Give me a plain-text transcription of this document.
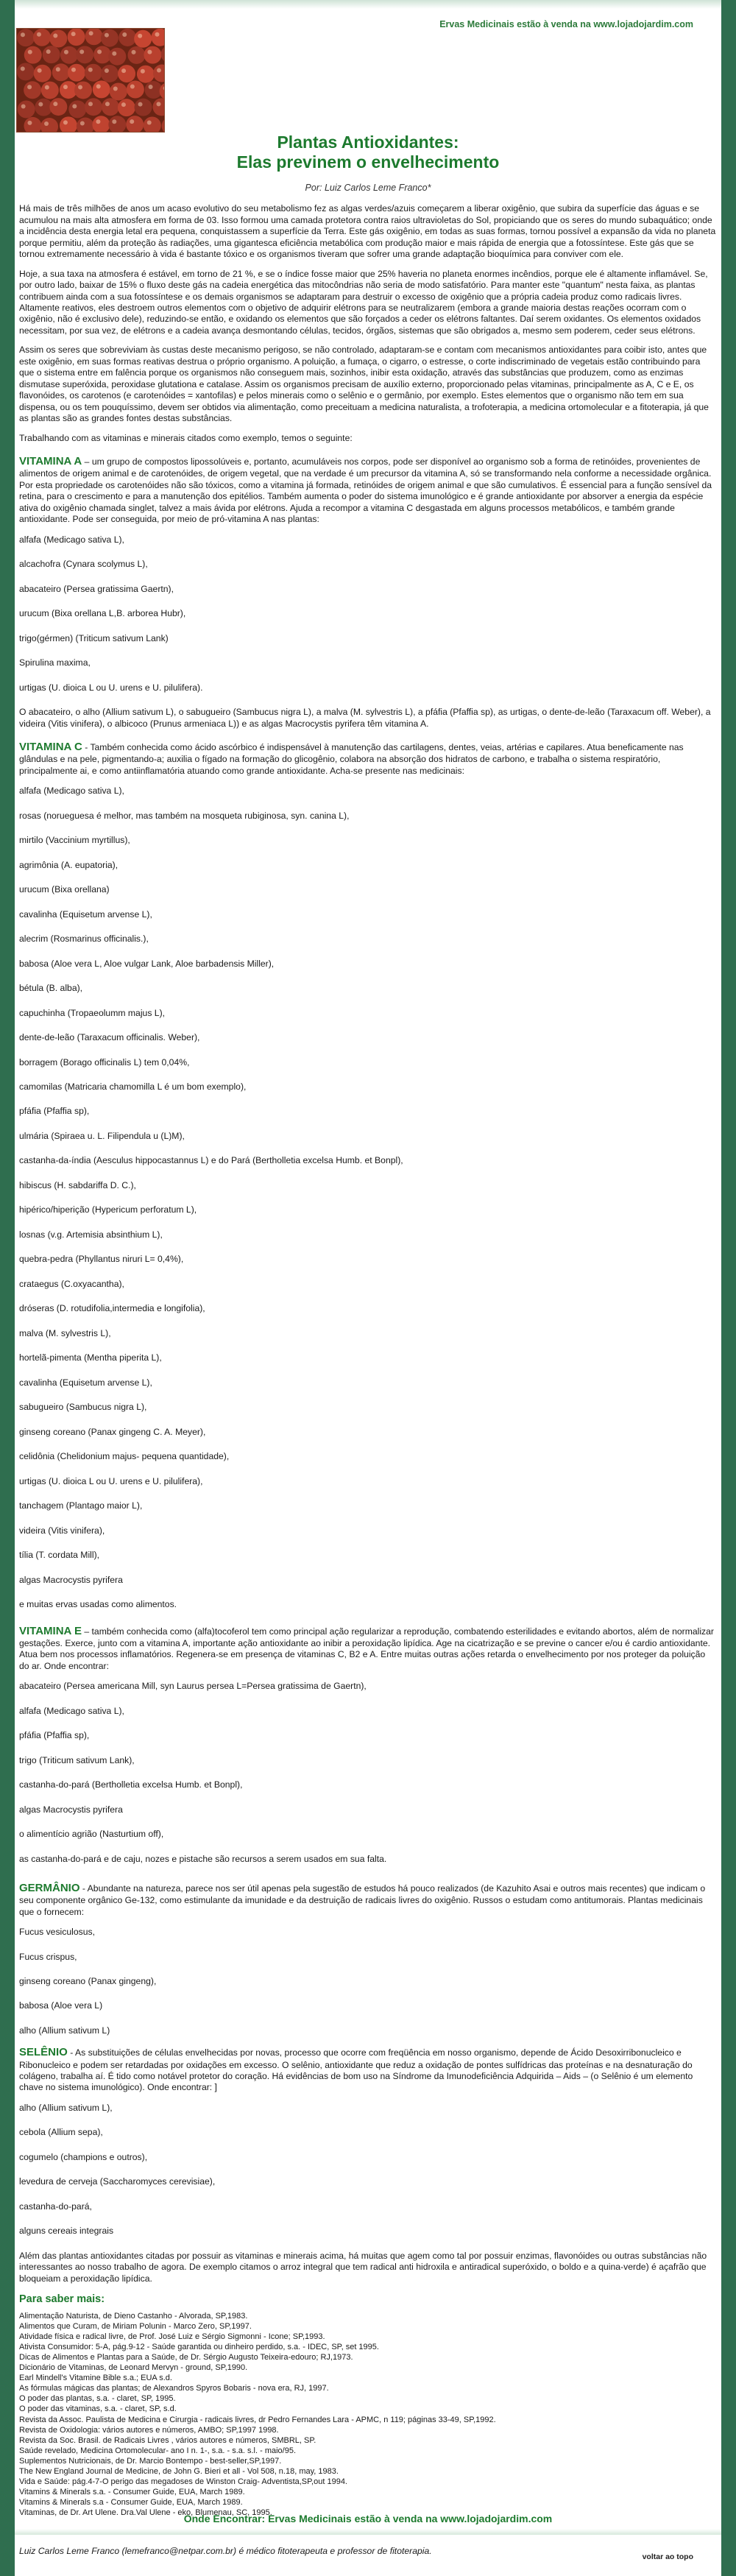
Ervas Medicinais estão à venda na www.lojadojardim.com
Plantas Antioxidantes:
Elas previnem o envelhecimento
Por: Luiz Carlos Leme Franco*

Há mais de três milhões de anos um acaso evolutivo do seu metabolismo fez as algas verdes/azuis começarem a liberar oxigênio, que subira da superfície das águas e se acumulou na mais alta atmosfera em forma de 03. Isso formou uma camada protetora contra raios ultravioletas do Sol, propiciando que os seres do mundo subaquático; onde a incidência desta energia letal era pequena, conquistassem a superfície da Terra. Este gás oxigênio, em todas as suas formas, tornou possível a expansão da vida no planeta porque permitiu, além da proteção às radiações, uma gigantesca eficiência metabólica com produção maior e mais rápida de energia que a fotossíntese. Este gás que se tornou extremamente necessário à vida é bastante tóxico e os organismos tiveram que sofrer uma grande adaptação bioquímica para conviver com ele.

Hoje, a sua taxa na atmosfera é estável, em torno de 21 %, e se o índice fosse maior que 25% haveria no planeta enormes incêndios, porque ele é altamente inflamável. Se, por outro lado, baixar de 15% o fluxo deste gás na cadeia energética das mitocôndrias não seria de modo satisfatório. Para manter este "quantum" nesta faixa, as plantas contribuem ainda com a sua fotossíntese e os demais organismos se adaptaram para destruir o excesso de oxigênio que a própria cadeia produz como radicais livres. Altamente reativos, eles destroem outros elementos com o objetivo de adquirir elétrons para se neutralizarem (embora a grande maioria destas reações ocorram com o oxigênio, não é exclusivo dele), reduzindo-se então, e oxidando os elementos que são forçados a ceder os elétrons faltantes. Daí serem oxidantes. Os elementos oxidados necessitam, por sua vez, de elétrons e a cadeia avança desmontando células, tecidos, órgãos, sistemas que são obrigados a, mesmo sem poderem, ceder seus elétrons.

Assim os seres que sobreviviam às custas deste mecanismo perigoso, se não controlado, adaptaram-se e contam com mecanismos antioxidantes para coibir isto, antes que este oxigênio, em suas formas reativas destrua o próprio organismo. A poluição, a fumaça, o cigarro, o estresse, o corte indiscriminado de vegetais estão contribuindo para que o sistema entre em falência porque os organismos não conseguem mais, sozinhos, inibir esta oxidação, através das substâncias que produzem, como as enzimas dismutase superóxida, peroxidase glutationa e catalase. Assim os organismos precisam de auxílio externo, proporcionado pelas vitaminas, principalmente as A, C e E, os flavonóides, os carotenos (e carotenóides = xantofilas) e pelos minerais como o selênio e o germânio, por exemplo. Estes elementos que o organismo não tem em sua dispensa, ou os tem pouquíssimo, devem ser obtidos via alimentação, como preceituam a medicina naturalista, a trofoterapia, a medicina ortomolecular e a fitoterapia, já que as plantas são as grandes fontes destas substâncias.

Trabalhando com as vitaminas e minerais citados como exemplo, temos o seguinte:

VITAMINA A – um grupo de compostos lipossolúveis e, portanto, acumuláveis nos corpos, pode ser disponível ao organismo sob a forma de retinóides, provenientes de alimentos de origem animal e de carotenóides, de origem vegetal, que na verdade é um precursor da vitamina A, só se transformando nela conforme a necessidade orgânica. Por esta propriedade os carotenóides não são tóxicos, como a vitamina já formada, retinóides de origem animal e que são cumulativos. É essencial para a função sensível da retina, para o crescimento e para a manutenção dos epitélios. Também aumenta o poder do sistema imunológico e é grande antioxidante por absorver a energia da espécie ativa do oxigênio chamada singlet, talvez a mais ávida por elétrons. Ajuda a recompor a vitamina C desgastada em alguns processos metabólicos, e também grande antioxidante. Pode ser conseguida, por meio de pró-vitamina A nas plantas:

alfafa (Medicago sativa L),
alcachofra (Cynara scolymus L),
abacateiro (Persea gratissima Gaertn),
urucum (Bixa orellana L,B. arborea Hubr),
trigo(gérmen) (Triticum sativum Lank)
Spirulina maxima,
urtigas (U. dioica L ou U. urens e U. pilulifera).

O abacateiro, o alho (Allium sativum L), o sabugueiro (Sambucus nigra L), a malva (M. sylvestris L), a pfáfia (Pfaffia sp), as urtigas, o dente-de-leão (Taraxacum off. Weber), a videira (Vitis vinifera), o albicoco (Prunus armeniaca L)) e as algas Macrocystis pyrifera têm vitamina A.

VITAMINA C - Também conhecida como ácido ascórbico é indispensável à manutenção das cartilagens, dentes, veias, artérias e capilares. Atua beneficamente nas glândulas e na pele, pigmentando-a; auxilia o fígado na formação do glicogênio, colabora na absorção dos hidratos de carbono, e trabalha o sistema respiratório, principalmente ai, e como antiinflamatória atuando como grande antioxidante. Acha-se presente nas medicinais:

alfafa (Medicago sativa L),
rosas (norueguesa é melhor, mas também na mosqueta rubiginosa, syn. canina L),
mirtilo (Vaccinium myrtillus),
agrimônia (A. eupatoria),
urucum (Bixa orellana)
cavalinha (Equisetum arvense L),
alecrim (Rosmarinus officinalis.),
babosa (Aloe vera L, Aloe vulgar Lank, Aloe barbadensis Miller),
bétula (B. alba),
capuchinha (Tropaeolumm majus L),
dente-de-leão (Taraxacum officinalis. Weber),
borragem (Borago officinalis L) tem 0,04%,
camomilas (Matricaria chamomilla L é um bom exemplo),
pfáfia (Pfaffia sp),
ulmária (Spiraea u. L. Filipendula u (L)M),
castanha-da-índia (Aesculus hippocastannus L) e do Pará (Bertholletia excelsa Humb. et Bonpl),
hibiscus (H. sabdariffa D. C.),
hipérico/hiperição (Hypericum perforatum L),
losnas (v.g. Artemisia absinthium L),
quebra-pedra (Phyllantus niruri L= 0,4%),
crataegus (C.oxyacantha),
dróseras (D. rotudifolia,intermedia e longifolia),
malva (M. sylvestris L),
hortelã-pimenta (Mentha piperita L),
cavalinha (Equisetum arvense L),
sabugueiro (Sambucus nigra L),
ginseng coreano (Panax gingeng C. A. Meyer),
celidônia (Chelidonium majus- pequena quantidade),
urtigas (U. dioica L ou U. urens e U. pilulifera),
tanchagem (Plantago maior L),
videira (Vitis vinifera),
tília (T. cordata Mill),
algas Macrocystis pyrifera
e muitas ervas usadas como alimentos.

VITAMINA E – também conhecida como (alfa)tocoferol tem como principal ação regularizar a reprodução, combatendo esterilidades e evitando abortos, além de normalizar gestações. Exerce, junto com a vitamina A, importante ação antioxidante ao inibir a peroxidação lipídica. Age na cicatrização e se previne o cancer e/ou é cardio antioxidante. Atua bem nos processos inflamatórios. Regenera-se em presença de vitaminas C, B2 e A. Entre muitas outras ações retarda o envelhecimento por nos proteger da poluição do ar. Onde encontrar:

abacateiro (Persea americana Mill, syn Laurus persea L=Persea gratissima de Gaertn),
alfafa (Medicago sativa L),
pfáfia (Pfaffia sp),
trigo (Triticum sativum Lank),
castanha-do-pará (Bertholletia excelsa Humb. et Bonpl),
algas Macrocystis pyrifera
o alimentício agrião (Nasturtium off),
as castanha-do-pará e de caju, nozes e pistache são recursos a serem usados em sua falta.

GERMÂNIO - Abundante na natureza, parece nos ser útil apenas pela sugestão de estudos há pouco realizados (de Kazuhito Asai e outros mais recentes) que indicam o seu componente orgânico Ge-132, como estimulante da imunidade e da destruição de radicais livres do oxigênio. Russos o estudam como antitumorais. Plantas medicinais que o fornecem:

Fucus vesiculosus,
Fucus crispus,
ginseng coreano (Panax gingeng),
babosa (Aloe vera L)
alho (Allium sativum L)

SELÊNIO - As substituições de células envelhecidas por novas, processo que ocorre com freqüência em nosso organismo, depende de Ácido Desoxirribonucleico e Ribonucleico e podem ser retardadas por oxidações em excesso. O selênio, antioxidante que reduz a oxidação de pontes sulfídricas das proteínas e na desnaturação do colágeno, trabalha aí. É tido como notável protetor do coração. Há evidências de bom uso na Síndrome da Imunodeficiência Adquirida – Aids – (o Selênio é um elemento chave no sistema imunológico). Onde encontrar: ]

alho (Allium sativum L),
cebola (Allium sepa),
cogumelo (champions e outros),
levedura de cerveja (Saccharomyces cerevisiae),
castanha-do-pará,
alguns cereais integrais

Além das plantas antioxidantes citadas por possuir as vitaminas e minerais acima, há muitas que agem como tal por possuir enzimas, flavonóides ou outras substâncias não interessantes ao nosso trabalho de agora. De exemplo citamos o arroz integral que tem radical anti hidroxila e antiradical superóxido, o boldo e a quina-verde) é açafrão que bloqueiam a peroxidação lipídica.

Para saber mais:
Alimentação Naturista, de Dieno Castanho - Alvorada, SP,1983.
Alimentos que Curam, de Miriam Polunin - Marco Zero, SP,1997.
Atividade física e radical livre, de Prof. José Luiz e Sérgio Sigmonni - Icone; SP,1993.
Ativista Consumidor: 5-A, pág.9-12 - Saúde garantida ou dinheiro perdido, s.a. - IDEC, SP, set 1995.
Dicas de Alimentos e Plantas para a Saúde, de Dr. Sérgio Augusto Teixeira-edouro; RJ,1973.
Dicionário de Vitaminas, de Leonard Mervyn - ground, SP,1990.
Earl Mindell's Vitamine Bible s.a.; EUA s.d.
As fórmulas mágicas das plantas; de Alexandros Spyros Bobaris - nova era, RJ, 1997.
O poder das plantas, s.a. - claret, SP, 1995.
O poder das vitaminas, s.a. - claret, SP, s.d.
Revista da Assoc. Paulista de Medicina e Cirurgia - radicais livres, dr Pedro Fernandes Lara - APMC, n 119; páginas 33-49, SP,1992.
Revista de Oxidologia: vários autores e números, AMBO; SP,1997 1998.
Revista da Soc. Brasil. de Radicais Livres , vários autores e números, SMBRL, SP.
Saúde revelado, Medicina Ortomolecular- ano I n. 1-, s.a. - s.a. s.l. - maio/95.
Suplementos Nutricionais, de Dr. Marcio Bontempo - best-seller,SP,1997.
The New England Journal de Medicine, de John G. Bieri et all - Vol 508, n.18, may, 1983.
Vida e Saúde: pág.4-7-O perigo das megadoses de Winston Craig- Adventista,SP,out 1994.
Vitamins & Minerals s.a. - Consumer Guide, EUA, March 1989.
Vitamins & Minerals s.a - Consumer Guide, EUA, March 1989.
Vitaminas, de Dr. Art Ulene. Dra.Val Ulene - eko, Blumenau, SC, 1995.

Luiz Carlos Leme Franco (lemefranco@netpar.com.br) é médico fitoterapeuta e professor de fitoterapia.

Onde Encontrar: Ervas Medicinais estão à venda na www.lojadojardim.com
voltar ao topo
